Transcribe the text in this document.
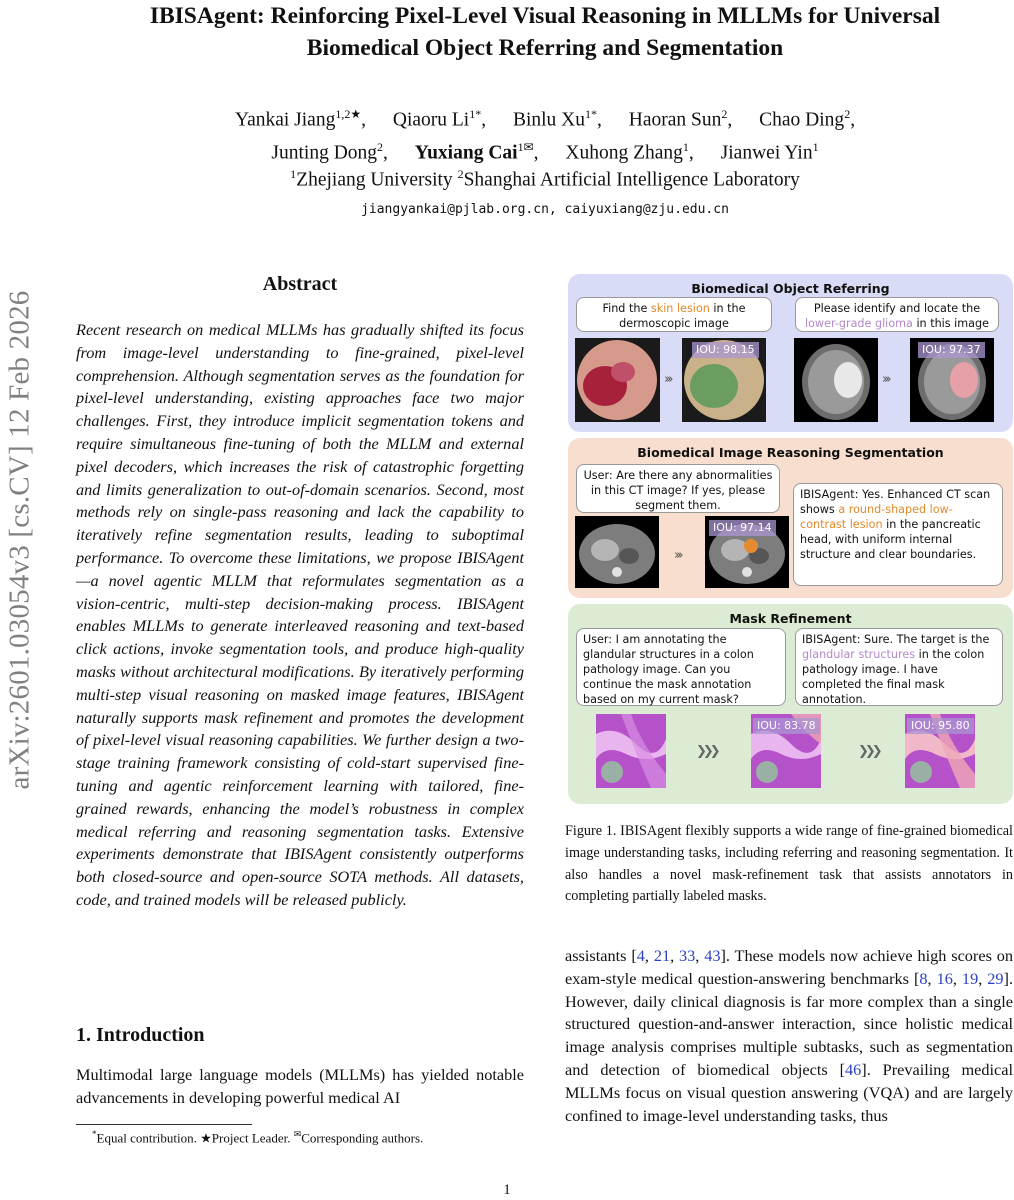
arXiv:2601.03054v3 [cs.CV] 12 Feb 2026
IBISAgent: Reinforcing Pixel-Level Visual Reasoning in MLLMs for Universal
Biomedical Object Referring and Segmentation
Yankai Jiang$^{1,2★}$, Qiaoru $Li^{1*}$, Binlu $Xu^{1*}$, Haoran Sun$^2$, Chao Ding$^2$,
Junting Dong$^2$, Yuxiang Cai$^{1✉}$, Xuhong Zhang$^1$, Jianwei Yin$^1$
$^1$Zhejiang University $^2$Shanghai Artificial Intelligence Laboratory
jiangyankai@pjlab.org.cn, caiyuxiang@zju.edu.cn
Abstract
Recent research on medical MLLMs has gradually shifted its focus from image-level understanding to fine-grained, pixel-level comprehension. Although segmentation serves as the foundation for pixel-level understanding, existing approaches face two major challenges. First, they introduce implicit segmentation tokens and require simultaneous fine-tuning of both the MLLM and external pixel decoders, which increases the risk of catastrophic forgetting and limits generalization to out-of-domain scenarios. Second, most methods rely on single-pass reasoning and lack the capability to iteratively refine segmentation results, leading to suboptimal performance. To overcome these limitations, we propose IBISAgent—a novel agentic MLLM that reformulates segmentation as a vision-centric, multi-step decision-making process. IBISAgent enables MLLMs to generate interleaved reasoning and text-based click actions, invoke segmentation tools, and produce high-quality masks without architectural modifications. By iteratively performing multi-step visual reasoning on masked image features, IBISAgent naturally supports mask refinement and promotes the development of pixel-level visual reasoning capabilities. We further design a two-stage training framework consisting of cold-start supervised fine-tuning and agentic reinforcement learning with tailored, fine-grained rewards, enhancing the model’s robustness in complex medical referring and reasoning segmentation tasks. Extensive experiments demonstrate that IBISAgent consistently outperforms both closed-source and open-source SOTA methods. All datasets, code, and trained models will be released publicly.
1. Introduction
Multimodal large language models (MLLMs) has yielded notable advancements in developing powerful medical AI
*Equal contribution. ★Project Leader. ✉Corresponding authors.
assistants [4, 21, 33, 43]. These models now achieve high scores on exam-style medical question-answering benchmarks [8, 16, 19, 29]. However, daily clinical diagnosis is far more complex than a single structured question-and-answer interaction, since holistic medical image analysis comprises multiple subtasks, such as segmentation and detection of biomedical objects [46]. Prevailing medical MLLMs focus on visual question answering (VQA) and are largely confined to image-level understanding tasks, thus
Biomedical Object Referring
Find the skin lesion in the dermoscopic image
Please identify and locate the lower-grade glioma in this image
›››
IOU: 98.15
›››
IOU: 97.37
Biomedical Image Reasoning Segmentation
User: Are there any abnormalities in this CT image? If yes, please segment them.
IBISAgent: Yes. Enhanced CT scan shows a round-shaped low-contrast lesion in the pancreatic head, with uniform internal structure and clear boundaries.
›››
IOU: 97.14
Mask Refinement
User: I am annotating the glandular structures in a colon pathology image. Can you continue the mask annotation based on my current mask?
IBISAgent: Sure. The target is the glandular structures in the colon pathology image. I have completed the final mask annotation.
❯❯❯
IOU: 83.78
❯❯❯
IOU: 95.80
Figure 1. IBISAgent flexibly supports a wide range of fine-grained biomedical image understanding tasks, including referring and reasoning segmentation. It also handles a novel mask-refinement task that assists annotators in completing partially labeled masks.
1
